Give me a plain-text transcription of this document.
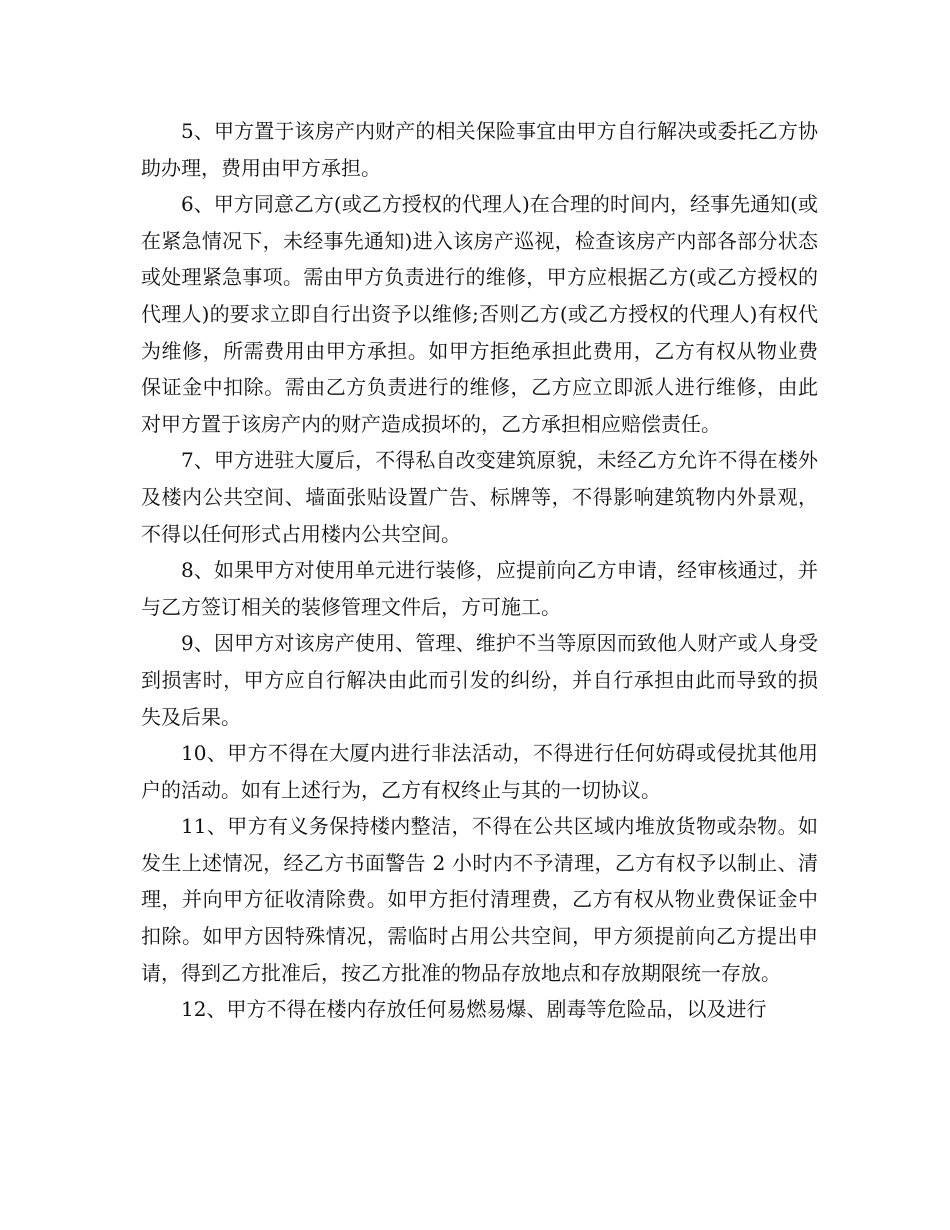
5、甲方置于该房产内财产的相关保险事宜由甲方自行解决或委托乙方协助办理，费用由甲方承担。

6、甲方同意乙方(或乙方授权的代理人)在合理的时间内，经事先通知(或在紧急情况下，未经事先通知)进入该房产巡视，检查该房产内部各部分状态或处理紧急事项。需由甲方负责进行的维修，甲方应根据乙方(或乙方授权的代理人)的要求立即自行出资予以维修;否则乙方(或乙方授权的代理人)有权代为维修，所需费用由甲方承担。如甲方拒绝承担此费用，乙方有权从物业费保证金中扣除。需由乙方负责进行的维修，乙方应立即派人进行维修，由此对甲方置于该房产内的财产造成损坏的，乙方承担相应赔偿责任。

7、甲方进驻大厦后，不得私自改变建筑原貌，未经乙方允许不得在楼外及楼内公共空间、墙面张贴设置广告、标牌等，不得影响建筑物内外景观，不得以任何形式占用楼内公共空间。

8、如果甲方对使用单元进行装修，应提前向乙方申请，经审核通过，并与乙方签订相关的装修管理文件后，方可施工。

9、因甲方对该房产使用、管理、维护不当等原因而致他人财产或人身受到损害时，甲方应自行解决由此而引发的纠纷，并自行承担由此而导致的损失及后果。

10、甲方不得在大厦内进行非法活动，不得进行任何妨碍或侵扰其他用户的活动。如有上述行为，乙方有权终止与其的一切协议。

11、甲方有义务保持楼内整洁，不得在公共区域内堆放货物或杂物。如发生上述情况，经乙方书面警告 2 小时内不予清理，乙方有权予以制止、清理，并向甲方征收清除费。如甲方拒付清理费，乙方有权从物业费保证金中扣除。如甲方因特殊情况，需临时占用公共空间，甲方须提前向乙方提出申请，得到乙方批准后，按乙方批准的物品存放地点和存放期限统一存放。

12、甲方不得在楼内存放任何易燃易爆、剧毒等危险品，以及进行
